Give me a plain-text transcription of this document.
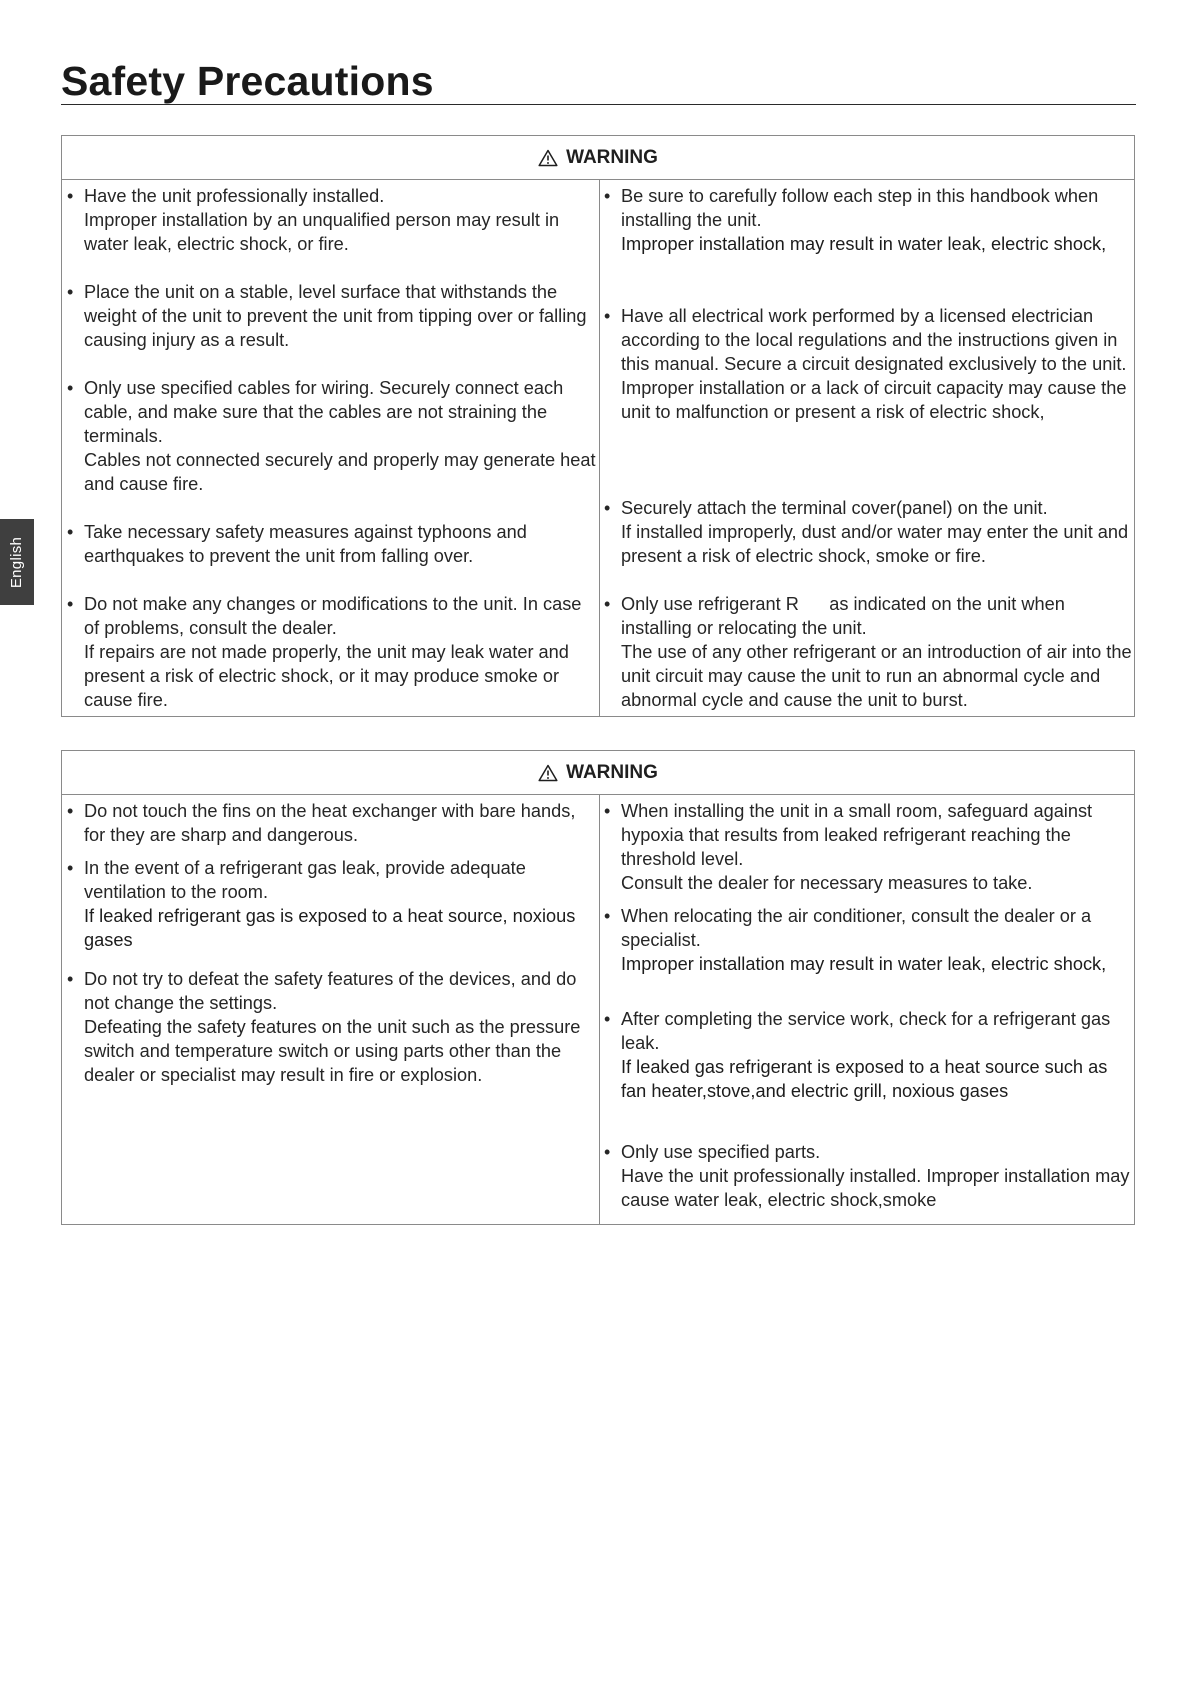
Safety Precautions
English
WARNING
• Have the unit professionally installed.

Improper installation by an unqualified person may result in water leak, electric shock, or fire.

• Place the unit on a stable, level surface that withstands the weight of the unit to prevent the unit from tipping over or falling causing injury as a result.

• Only use specified cables for wiring. Securely connect each cable, and make sure that the cables are not straining the terminals.

Cables not connected securely and properly may generate heat and cause fire.

• Take necessary safety measures against typhoons and earthquakes to prevent the unit from falling over.

• Do not make any changes or modifications to the unit. In case of problems, consult the dealer.

If repairs are not made properly, the unit may leak water and present a risk of electric shock, or it may produce smoke or cause fire.

• Be sure to carefully follow each step in this handbook when installing the unit.

Improper installation may result in water leak, electric shock,

• Have all electrical work performed by a licensed electrician according to the local regulations and the instructions given in this manual. Secure a circuit designated exclusively to the unit.

Improper installation or a lack of circuit capacity may cause the unit to malfunction or present a risk of electric shock,

• Securely attach the terminal cover(panel) on the unit.

If installed improperly, dust and/or water may enter the unit and present a risk of electric shock, smoke or fire.

• Only use refrigerant R      as indicated on the unit when installing or relocating the unit.

The use of any other refrigerant or an introduction of air into the unit circuit may cause the unit to run an abnormal cycle and abnormal cycle and cause the unit to burst.

WARNING
• Do not touch the fins on the heat exchanger with bare hands, for they are sharp and dangerous.

• In the event of a refrigerant gas leak, provide adequate ventilation to the room.

If leaked refrigerant gas is exposed to a heat source, noxious gases

• Do not try to defeat the safety features of the devices, and do not change the settings.

Defeating the safety features on the unit such as the pressure switch and temperature switch or using parts other than the dealer or specialist may result in fire or explosion.

• When installing the unit in a small room, safeguard against hypoxia that results from leaked refrigerant reaching the threshold level.

Consult the dealer for necessary measures to take.

• When relocating the air conditioner, consult the dealer or a specialist.

Improper installation may result in water leak, electric shock,

• After completing the service work, check for a refrigerant gas leak.

If leaked gas refrigerant is exposed to a heat source such as fan heater,stove,and electric grill, noxious gases

• Only use specified parts.

Have the unit professionally installed. Improper installation may cause water leak, electric shock,smoke
